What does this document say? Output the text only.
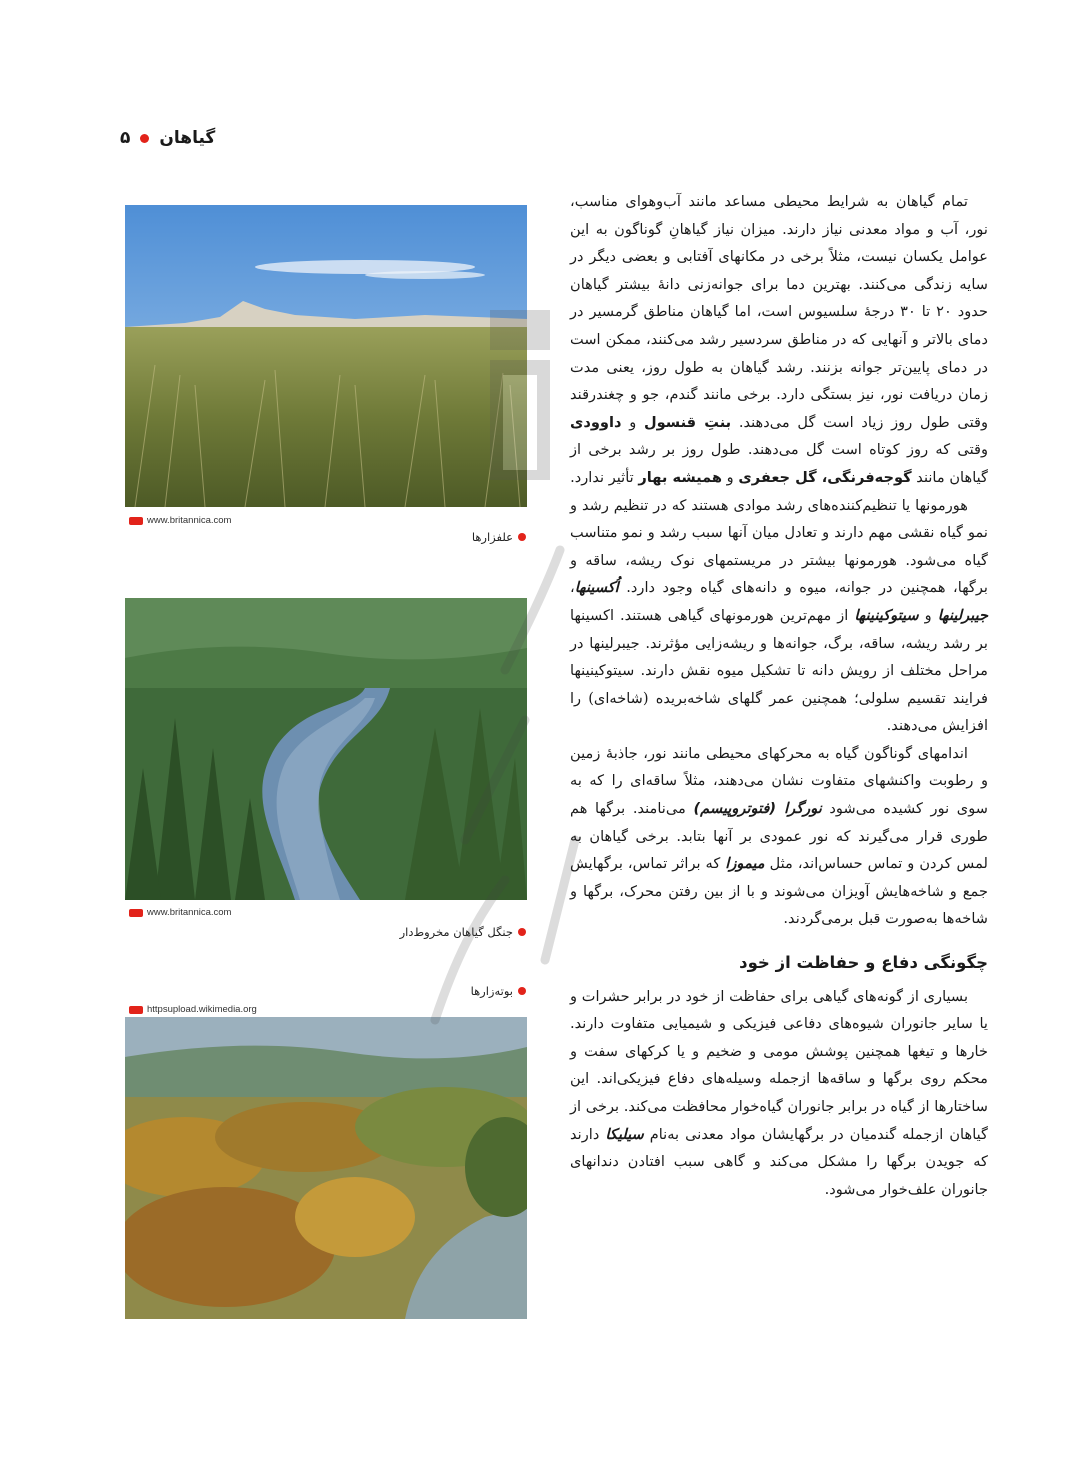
گیاهان
۵
www.britannica.com
علفزارها
www.britannica.com
جنگل گیاهان مخروط‌دار
بوته‌زارها
httpsupload.wikimedia.org

تمام گیاهان به شرایط محیطی مساعد مانند آب‌وهوای مناسب، نور، آب و مواد معدنی نیاز دارند. میزان نیاز گیاهانِ گوناگون به این عوامل یکسان نیست، مثلاً برخی در مکانهای آفتابی و بعضی دیگر در سایه زندگی می‌کنند. بهترین دما برای جوانه‌زنی دانهٔ بیشتر گیاهان حدود ۲۰ تا ۳۰ درجهٔ سلسیوس است، اما گیاهان مناطق گرمسیر در دمای بالاتر و آنهایی که در مناطق سردسیر رشد می‌کنند، ممکن است در دمای پایین‌تر جوانه بزنند. رشد گیاهان به طول روز، یعنی مدت زمان دریافت نور، نیز بستگی دارد. برخی مانند گندم، جو و چغندرقند وقتی طول روز زیاد است گل می‌دهند. بنتِ قنسول و داوودی وقتی که روز کوتاه است گل می‌دهند. طول روز بر رشد برخی از گیاهان مانند گوجه‌فرنگی، گل جعفری و همیشه بهار تأثیر ندارد.

هورمونها یا تنظیم‌کننده‌های رشد موادی هستند که در تنظیم رشد و نمو گیاه نقشی مهم دارند و تعادل میان آنها سبب رشد و نمو متناسب گیاه می‌شود. هورمونها بیشتر در مریستمهای نوک ریشه، ساقه و برگها، همچنین در جوانه، میوه و دانه‌های گیاه وجود دارد. اُکسینها، جیبرلینها و سیتوکینینها از مهم‌ترین هورمونهای گیاهی هستند. اکسینها بر رشد ریشه، ساقه، برگ، جوانه‌ها و ریشه‌زایی مؤثرند. جیبرلینها در مراحل مختلف از رویش دانه تا تشکیل میوه نقش دارند. سیتوکینینها فرایند تقسیم سلولی؛ همچنین عمر گلهای شاخه‌بریده (شاخه‌ای) را افزایش می‌دهند.

اندامهای گوناگون گیاه به محرکهای محیطی مانند نور، جاذبهٔ زمین و رطوبت واکنشهای متفاوت نشان می‌دهند، مثلاً ساقه‌ای را که به سوی نور کشیده می‌شود نورگرا (فتوتروپیسم) می‌نامند. برگها هم طوری قرار می‌گیرند که نور عمودی بر آنها بتابد. برخی گیاهان به لمس کردن و تماس حساس‌اند، مثل میموزا که براثر تماس، برگهایش جمع و شاخه‌هایش آویزان می‌شوند و با از بین رفتن محرک، برگها و شاخه‌ها به‌صورت قبل برمی‌گردند.

چگونگی دفاع و حفاظت از خود

بسیاری از گونه‌های گیاهی برای حفاظت از خود در برابر حشرات و یا سایر جانوران شیوه‌های دفاعی فیزیکی و شیمیایی متفاوت دارند. خارها و تیغها همچنین پوشش مومی و ضخیم و یا کرکهای سفت و محکم روی برگها و ساقه‌ها ازجمله وسیله‌های دفاع فیزیکی‌اند. این ساختارها از گیاه در برابر جانوران گیاه‌خوار محافظت می‌کند. برخی از گیاهان ازجمله گندمیان در برگهایشان مواد معدنی به‌نام سیلیکا دارند که جویدن برگها را مشکل می‌کند و گاهی سبب افتادن دندانهای جانوران علف‌خوار می‌شود.
